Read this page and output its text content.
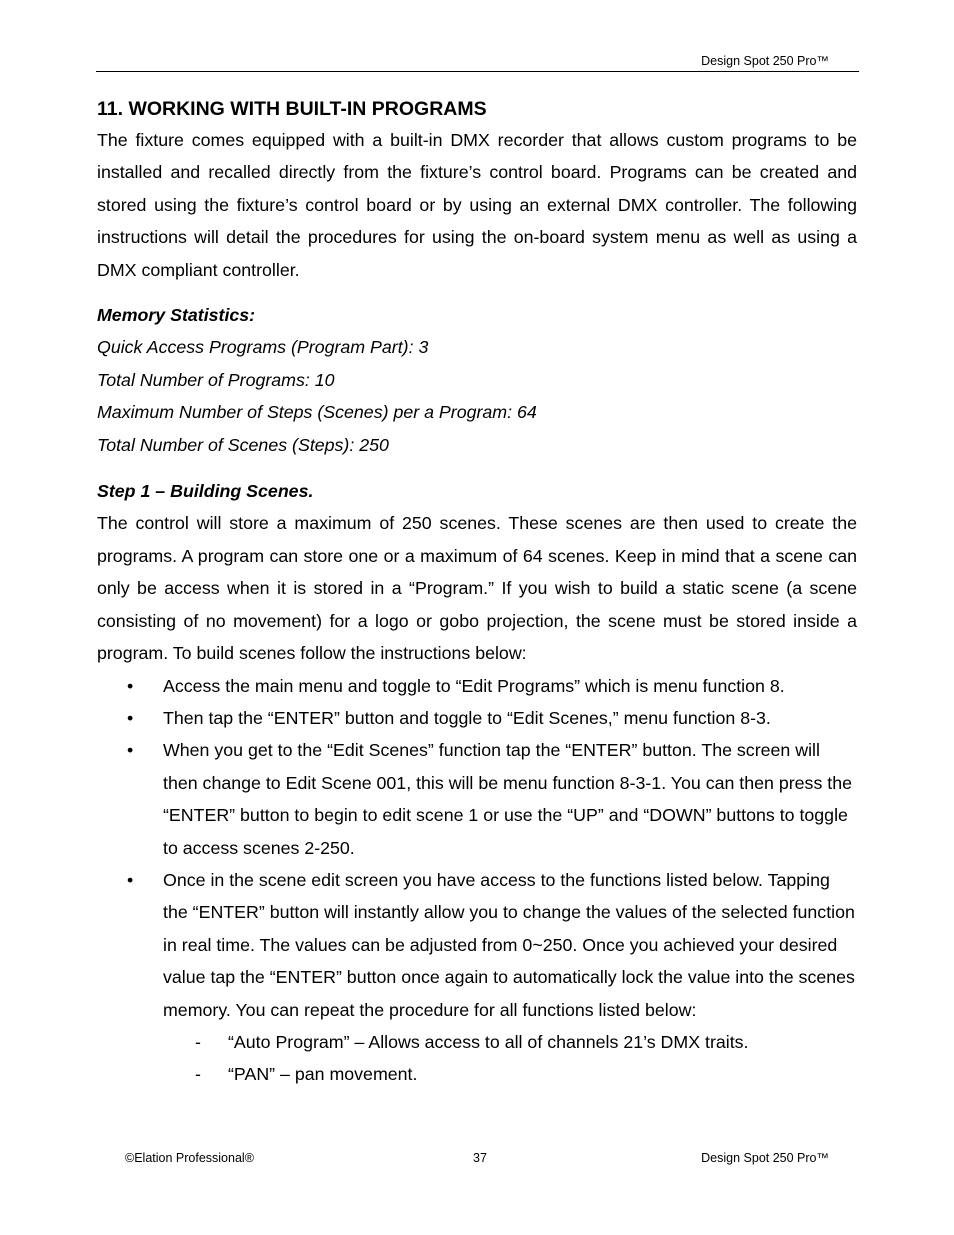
Design Spot 250 Pro™
11. WORKING WITH BUILT-IN PROGRAMS

The fixture comes equipped with a built-in DMX recorder that allows custom programs to be installed and recalled directly from the fixture’s control board. Programs can be created and stored using the fixture’s control board or by using an external DMX controller. The following instructions will detail the procedures for using the on-board system menu as well as using a DMX compliant controller.

Memory Statistics:
Quick Access Programs (Program Part): 3
Total Number of Programs: 10
Maximum Number of Steps (Scenes) per a Program: 64
Total Number of Scenes (Steps): 250
Step 1 – Building Scenes.

The control will store a maximum of 250 scenes. These scenes are then used to create the programs. A program can store one or a maximum of 64 scenes. Keep in mind that a scene can only be access when it is stored in a “Program.” If you wish to build a static scene (a scene consisting of no movement) for a logo or gobo projection, the scene must be stored inside a program. To build scenes follow the instructions below:

• Access the main menu and toggle to “Edit Programs” which is menu function 8.
• Then tap the “ENTER” button and toggle to “Edit Scenes,” menu function 8-3.
• When you get to the “Edit Scenes” function tap the “ENTER” button. The screen will then change to Edit Scene 001, this will be menu function 8-3-1. You can then press the “ENTER” button to begin to edit scene 1 or use the “UP” and “DOWN” buttons to toggle to access scenes 2-250.
• Once in the scene edit screen you have access to the functions listed below. Tapping the “ENTER” button will instantly allow you to change the values of the selected function in real time. The values can be adjusted from 0~250. Once you achieved your desired value tap the “ENTER” button once again to automatically lock the value into the scenes memory. You can repeat the procedure for all functions listed below:
- “Auto Program” – Allows access to all of channels 21’s DMX traits.
- “PAN” – pan movement.
©Elation Professional®	37	Design Spot 250 Pro™
